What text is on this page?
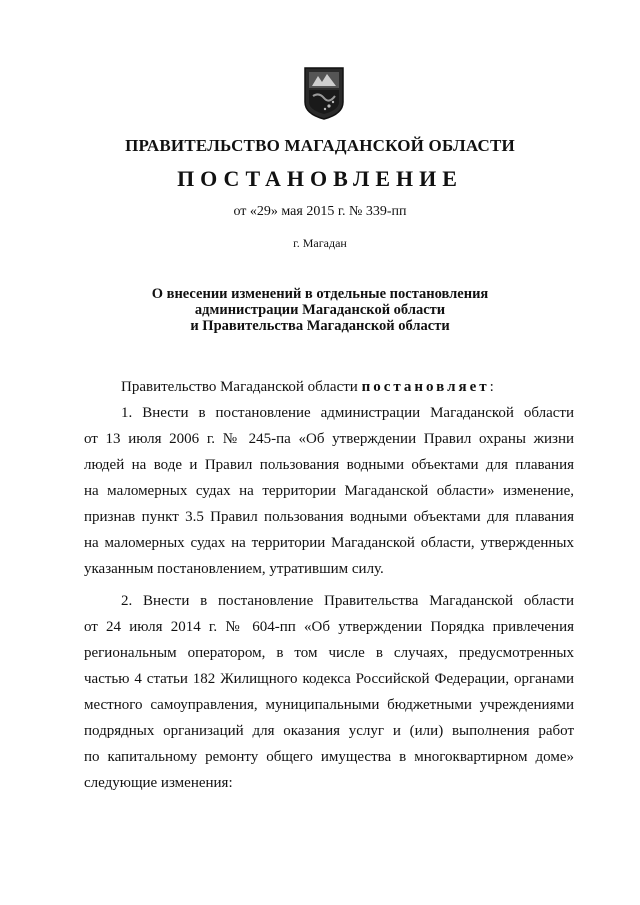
ПРАВИТЕЛЬСТВО МАГАДАНСКОЙ ОБЛАСТИ
ПОСТАНОВЛЕНИЕ
от «29» мая 2015 г. № 339-пп
г. Магадан
О внесении изменений в отдельные постановления
администрации Магаданской области
и Правительства Магаданской области
Правительство Магаданской области постановляет:
1. Внести в постановление администрации Магаданской области
от 13 июля 2006 г. № 245-па «Об утверждении Правил охраны жизни
людей на воде и Правил пользования водными объектами для плавания
на маломерных судах на территории Магаданской области» изменение,
признав пункт 3.5 Правил пользования водными объектами для плавания
на маломерных судах на территории Магаданской области, утвержденных
указанным постановлением, утратившим силу.
2. Внести в постановление Правительства Магаданской области
от 24 июля 2014 г. № 604-пп «Об утверждении Порядка привлечения
региональным оператором, в том числе в случаях, предусмотренных
частью 4 статьи 182 Жилищного кодекса Российской Федерации, органами
местного самоуправления, муниципальными бюджетными учреждениями
подрядных организаций для оказания услуг и (или) выполнения работ
по капитальному ремонту общего имущества в многоквартирном доме»
следующие изменения:
